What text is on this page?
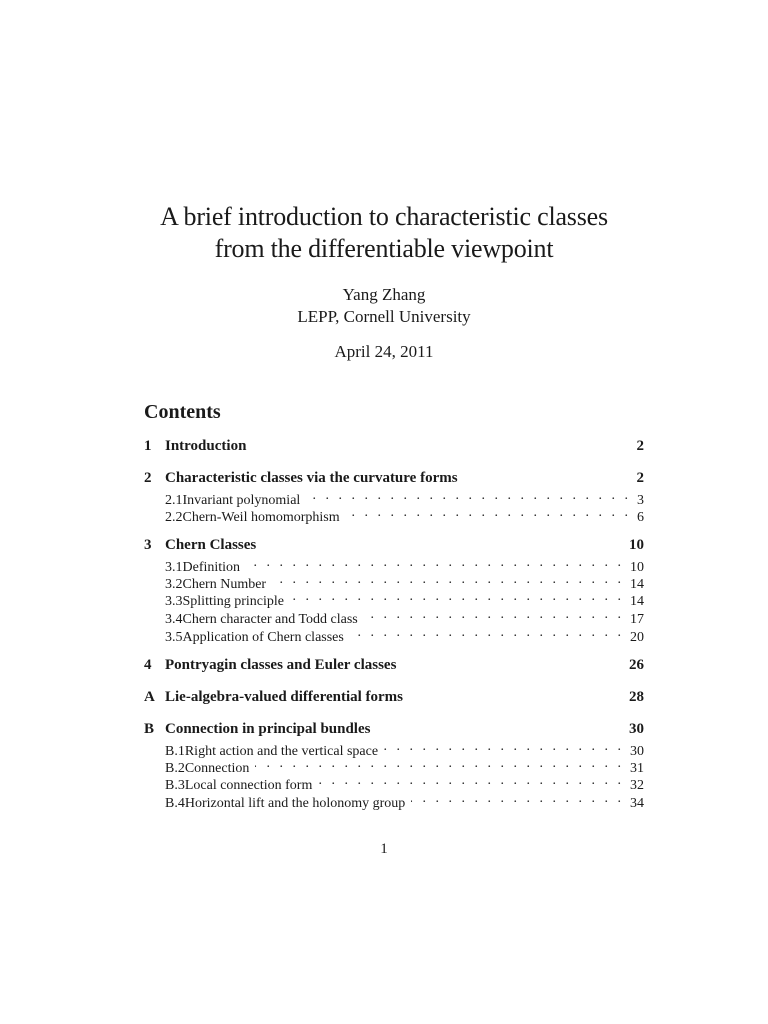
A brief introduction to characteristic classes
from the differentiable viewpoint
Yang Zhang
LEPP, Cornell University
April 24, 2011
Contents
1 Introduction	2
2 Characteristic classes via the curvature forms	2
2.1 Invariant polynomial . . .	3
2.2 Chern-Weil homomorphism . . .	6
3 Chern Classes	10
3.1 Definition . . .	10
3.2 Chern Number . . .	14
3.3 Splitting principle . . .	14
3.4 Chern character and Todd class . . .	17
3.5 Application of Chern classes . . .	20
4 Pontryagin classes and Euler classes	26
A Lie-algebra-valued differential forms	28
B Connection in principal bundles	30
B.1 Right action and the vertical space . . .	30
B.2 Connection . . .	31
B.3 Local connection form . . .	32
B.4 Horizontal lift and the holonomy group . . .	34
1
